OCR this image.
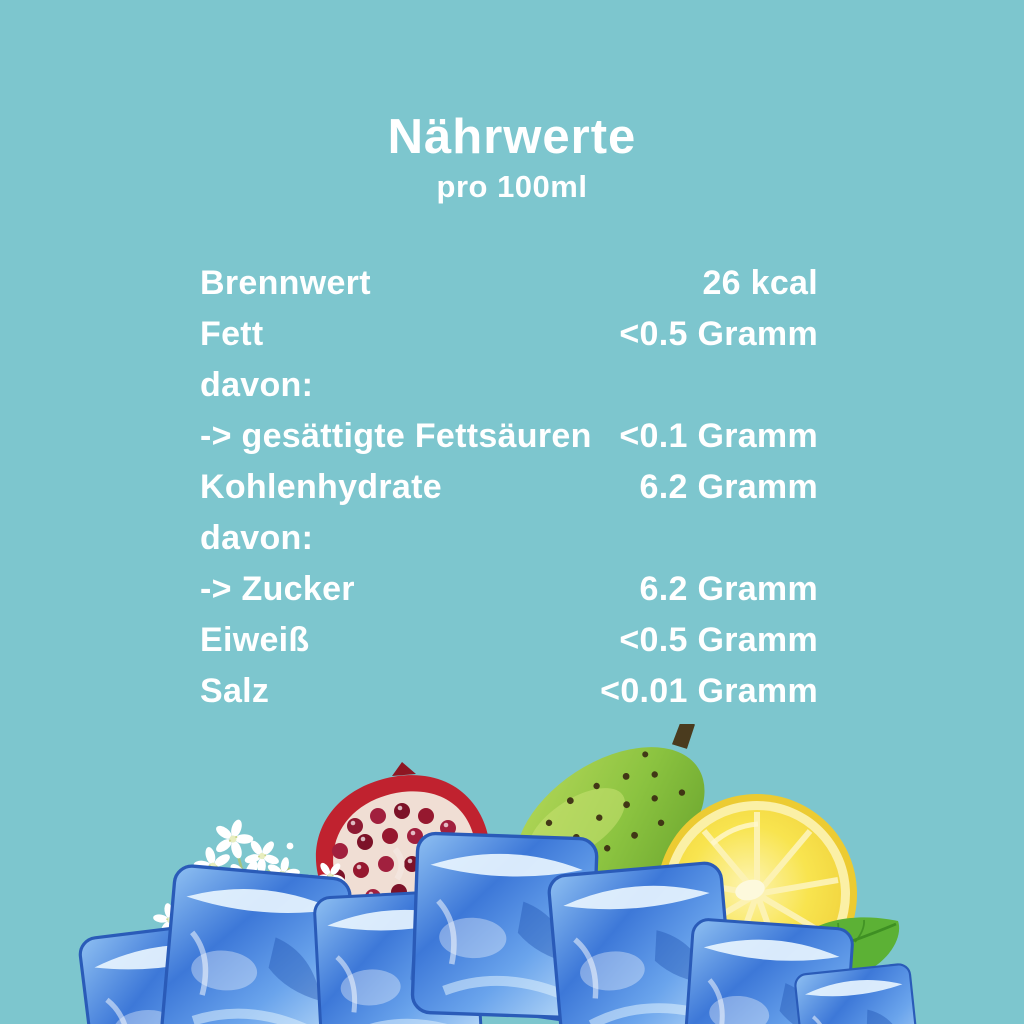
Nährwerte
pro 100ml
Brennwert	26 kcal
Fett	<0.5 Gramm
davon:
-> gesättigte Fettsäuren <0.1 Gramm
Kohlenhydrate	6.2 Gramm
davon:
-> Zucker	6.2 Gramm
Eiweiß	<0.5 Gramm
Salz	<0.01 Gramm
